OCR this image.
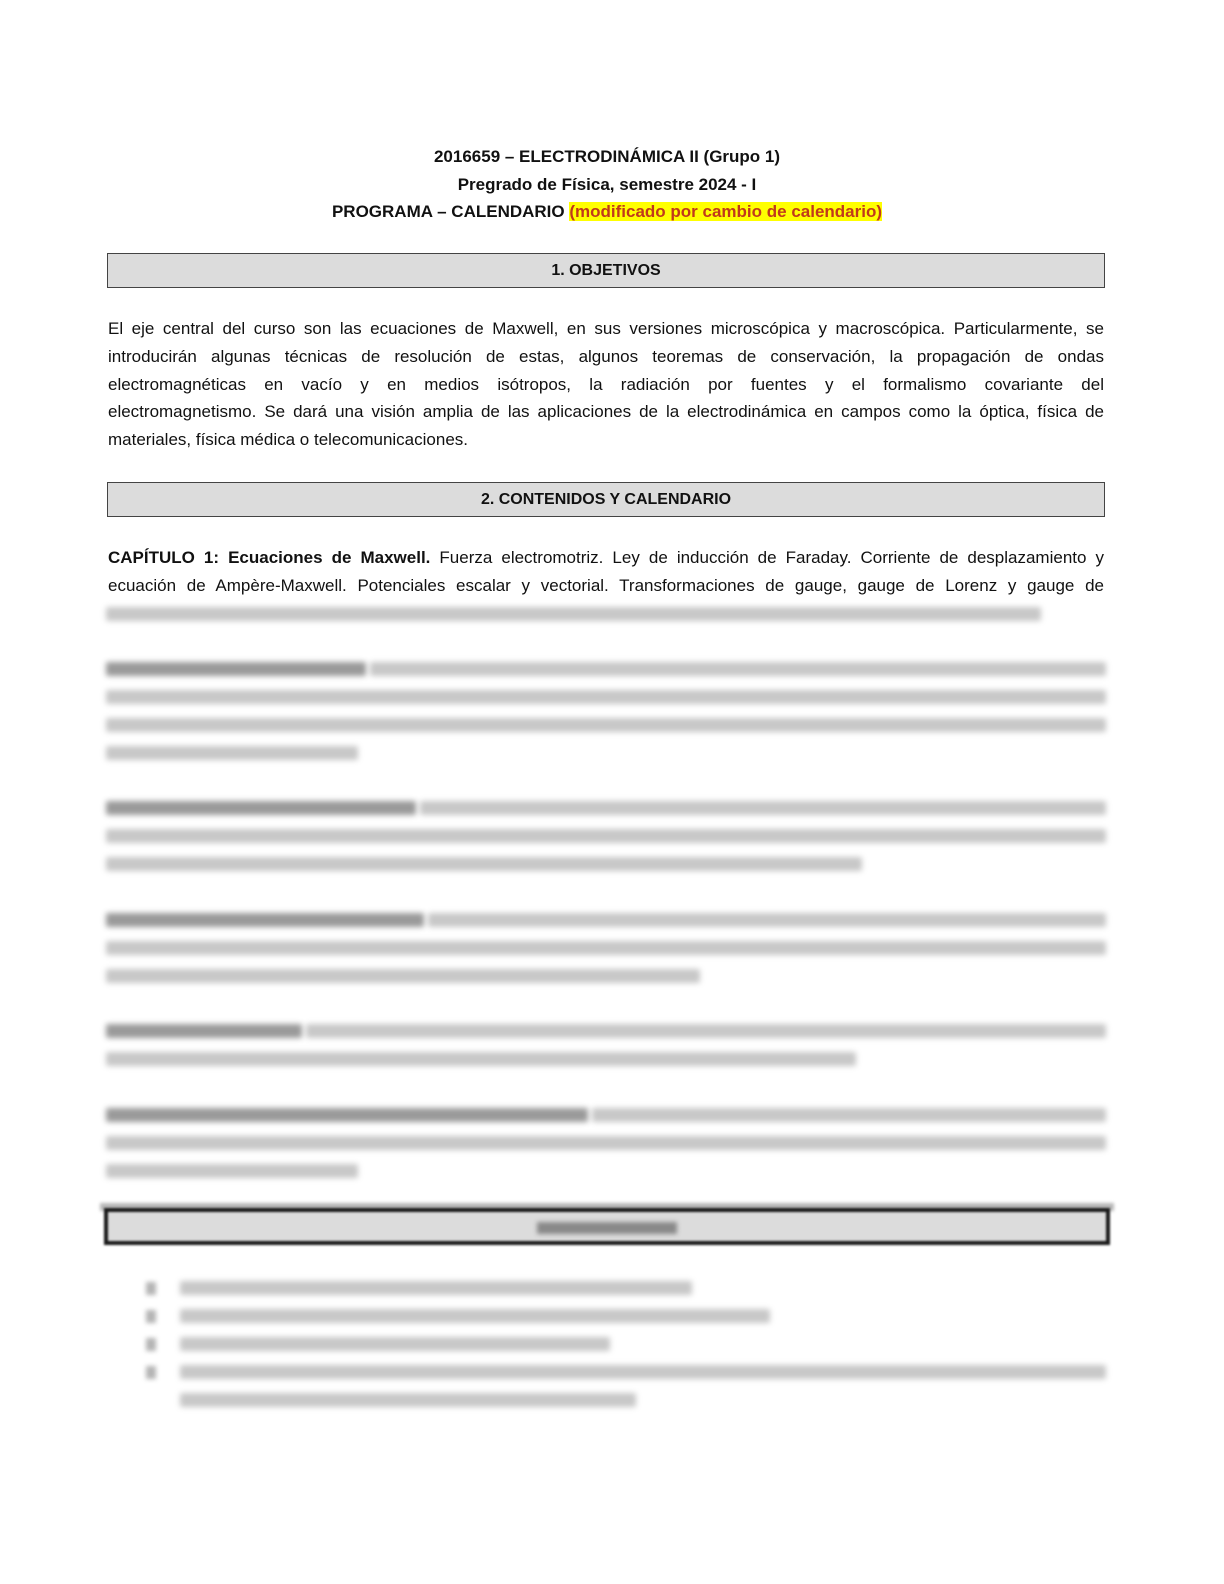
2016659 – ELECTRODINÁMICA II (Grupo 1)
Pregrado de Física, semestre 2024 - I
PROGRAMA – CALENDARIO (modificado por cambio de calendario)
1. OBJETIVOS
El eje central del curso son las ecuaciones de Maxwell, en sus versiones microscópica y macroscópica. Particularmente, se
introducirán algunas técnicas de resolución de estas, algunos teoremas de conservación, la propagación de ondas
electromagnéticas en vacío y en medios isótropos, la radiación por fuentes y el formalismo covariante del
electromagnetismo. Se dará una visión amplia de las aplicaciones de la electrodinámica en campos como la óptica, física de
materiales, física médica o telecomunicaciones.
2. CONTENIDOS Y CALENDARIO
CAPÍTULO 1: Ecuaciones de Maxwell. Fuerza electromotriz. Ley de inducción de Faraday. Corriente de desplazamiento y
ecuación de Ampère-Maxwell. Potenciales escalar y vectorial. Transformaciones de gauge, gauge de Lorenz y gauge de
